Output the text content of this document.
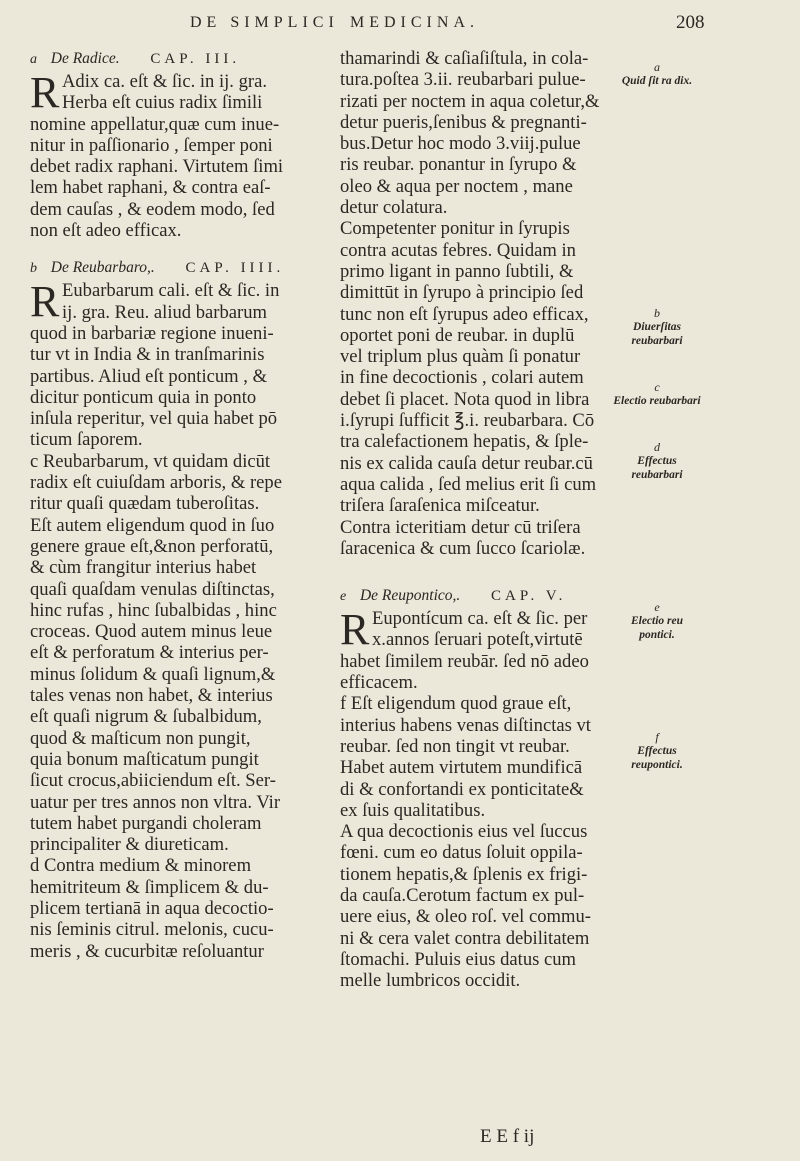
DE SIMPLICI MEDICINA.	208
a De Radice. CAP. III.
R Adix ca. eſt & ſic. in ij. gra.
Herba eſt cuius radix ſimili
nomine appellatur,quæ cum inue-
nitur in paſſionario , ſemper poni
debet radix raphani. Virtutem ſimi
lem habet raphani, & contra eaſ-
dem cauſas , & eodem modo, ſed
non eſt adeo efficax.
b De Reubarbaro,. CAP. IIII.
R Eubarbarum cali. eſt & ſic. in
ij. gra. Reu. aliud barbarum
quod in barbariæ regione inueni-
tur vt in India & in tranſmarinis
partibus. Aliud eſt ponticum , &
dicitur ponticum quia in ponto
inſula reperitur, vel quia habet pō
ticum ſaporem.
c Reubarbarum, vt quidam dicūt
radix eſt cuiuſdam arboris, & repe
ritur quaſi quædam tuberoſitas.
Eſt autem eligendum quod in ſuo
genere graue eſt,&non perforatū,
& cùm frangitur interius habet
quaſi quaſdam venulas diſtinctas,
hinc rufas , hinc ſubalbidas , hinc
croceas. Quod autem minus leue
eſt & perforatum & interius per-
minus ſolidum & quaſi lignum,&
tales venas non habet, & interius
eſt quaſi nigrum & ſubalbidum,
quod & maſticum non pungit,
quia bonum maſticatum pungit
ſicut crocus,abiiciendum eſt. Ser-
uatur per tres annos non vltra. Vir
tutem habet purgandi choleram
principaliter & diureticam.
d Contra medium & minorem
hemitriteum & ſimplicem & du-
plicem tertianā in aqua decoctio-
nis ſeminis citrul. melonis, cucu-
meris , & cucurbitæ reſoluantur
thamarindi & caſiaſiſtula, in cola-
tura.poſtea 3.ii. reubarbari puluе-
rizati per noctem in aqua coletur,&
detur pueris,ſenibus & pregnanti-
bus.Detur hoc modo 3.viij.pulue
ris reubar. ponantur in ſyrupo &
oleo & aqua per noctem , manе
detur colatura.
Competenter ponitur in ſyrupis
contra acutas febres. Quidam in
primo ligant in panno ſubtili, &
dimittūt in ſyrupo à principio ſed
tunc non eſt ſyrupus adeo efficax,
oportet poni de reubar. in duplū
vel triplum plus quàm ſi ponatur
in fine decoctionis , colari autem
debet ſi placet. Nota quod in libra
i.ſyrupi ſufficit ℥.i. reubarbara. Cō
tra calefactionem hepatis, & ſple-
nis ex calida cauſa detur reubar.cū
aqua calida , ſed melius erit ſi cum
triſera ſaraſenica miſceatur.
Contra icteritiam detur cū triſera
ſaracenica & cum ſucco ſcariolæ.
e De Reupontico,. CAP. V.
R Eupontícum ca. eſt & ſic. per
x.annos ſeruari poteſt,virtutē
habet ſimilem reubār. ſed nō adeo
efficacem.
f Eſt eligendum quod graue eſt,
interius habens venas diſtinctas vt
reubar. ſed non tingit vt reubar.
Habet autem virtutem mundificā
di & confortandi ex ponticitate&
ex ſuis qualitatibus.
A qua decoctionis eius vel ſuccus
fœni. cum eo datus ſoluit oppila-
tionem hepatis,& ſplenis ex frigi-
da cauſa.Cerotum factum ex pul-
uere eius, & oleo roſ. vel commu-
ni & cera valet contra debilitatem
ſtomachi. Puluis eius datus cum
melle lumbricos occidit.
a
Quid ſit ra dix.
b
Diuerſitas reubarbari
c
Electio reubarbari
d
Effectus reubarbari
e
Electio reu pontici.
f
Effectus reupontici.
E E f ij
